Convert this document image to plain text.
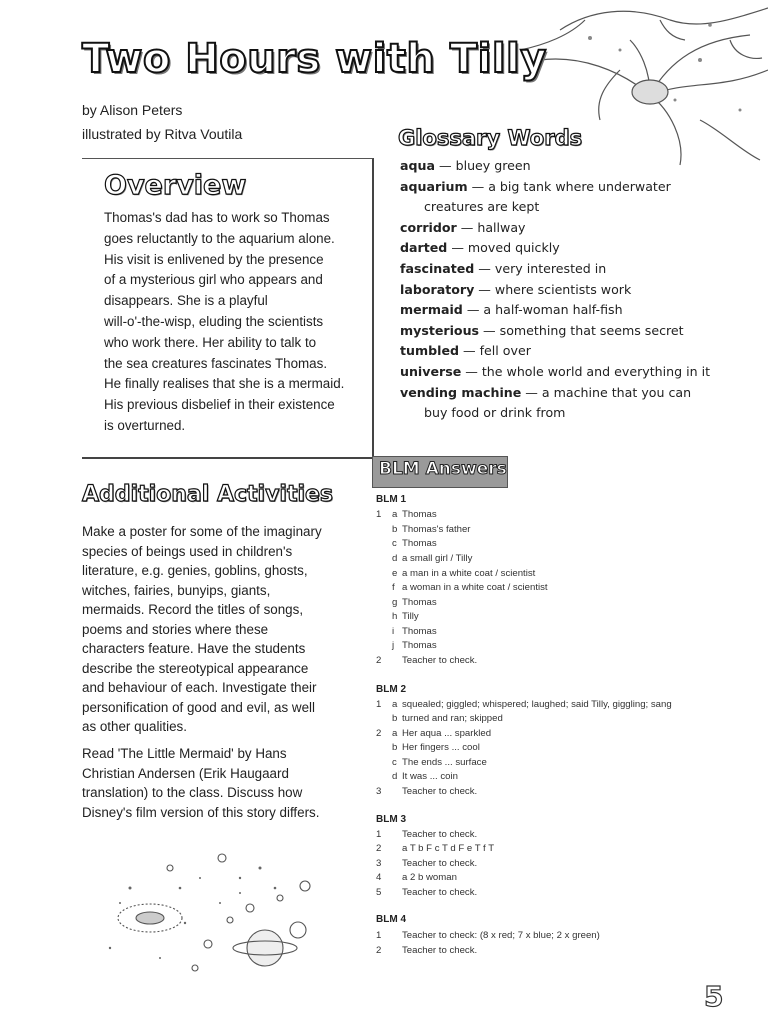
Two Hours with Tilly
by Alison Peters
illustrated by Ritva Voutila
Overview

Thomas's dad has to work so Thomas
goes reluctantly to the aquarium alone.
His visit is enlivened by the presence
of a mysterious girl who appears and
disappears. She is a playful
will-o'-the-wisp, eluding the scientists
who work there. Her ability to talk to
the sea creatures fascinates Thomas.
He finally realises that she is a mermaid.
His previous disbelief in their existence
is overturned.

Additional Activities

Make a poster for some of the imaginary
species of beings used in children's
literature, e.g. genies, goblins, ghosts,
witches, fairies, bunyips, giants,
mermaids. Record the titles of songs,
poems and stories where these
characters feature. Have the students
describe the stereotypical appearance
and behaviour of each. Investigate their
personification of good and evil, as well
as other qualities.

Read 'The Little Mermaid' by Hans
Christian Andersen (Erik Haugaard
translation) to the class. Discuss how
Disney's film version of this story differs.

Glossary Words
aqua — bluey green
aquarium — a big tank where underwater
creatures are kept
corridor — hallway
darted — moved quickly
fascinated — very interested in
laboratory — where scientists work
mermaid — a half-woman half-fish
mysterious — something that seems secret
tumbled — fell over
universe — the whole world and everything in it
vending machine — a machine that you can
buy food or drink from
BLM Answers
BLM 1
1 a Thomas
b Thomas's father
c Thomas
d a small girl / Tilly
e a man in a white coat / scientist
f a woman in a white coat / scientist
g Thomas
h Tilly
i Thomas
j Thomas
2 Teacher to check.
BLM 2
1 a squealed; giggled; whispered; laughed; said Tilly, giggling; sang
b turned and ran; skipped
2 a Her aqua ... sparkled
b Her fingers ... cool
c The ends ... surface
d It was ... coin
3 Teacher to check.
BLM 3
1 Teacher to check.
2 a T b F c T d F e T f T
3 Teacher to check.
4 a 2 b woman
5 Teacher to check.
BLM 4
1 Teacher to check: (8 x red; 7 x blue; 2 x green)
2 Teacher to check.
5
